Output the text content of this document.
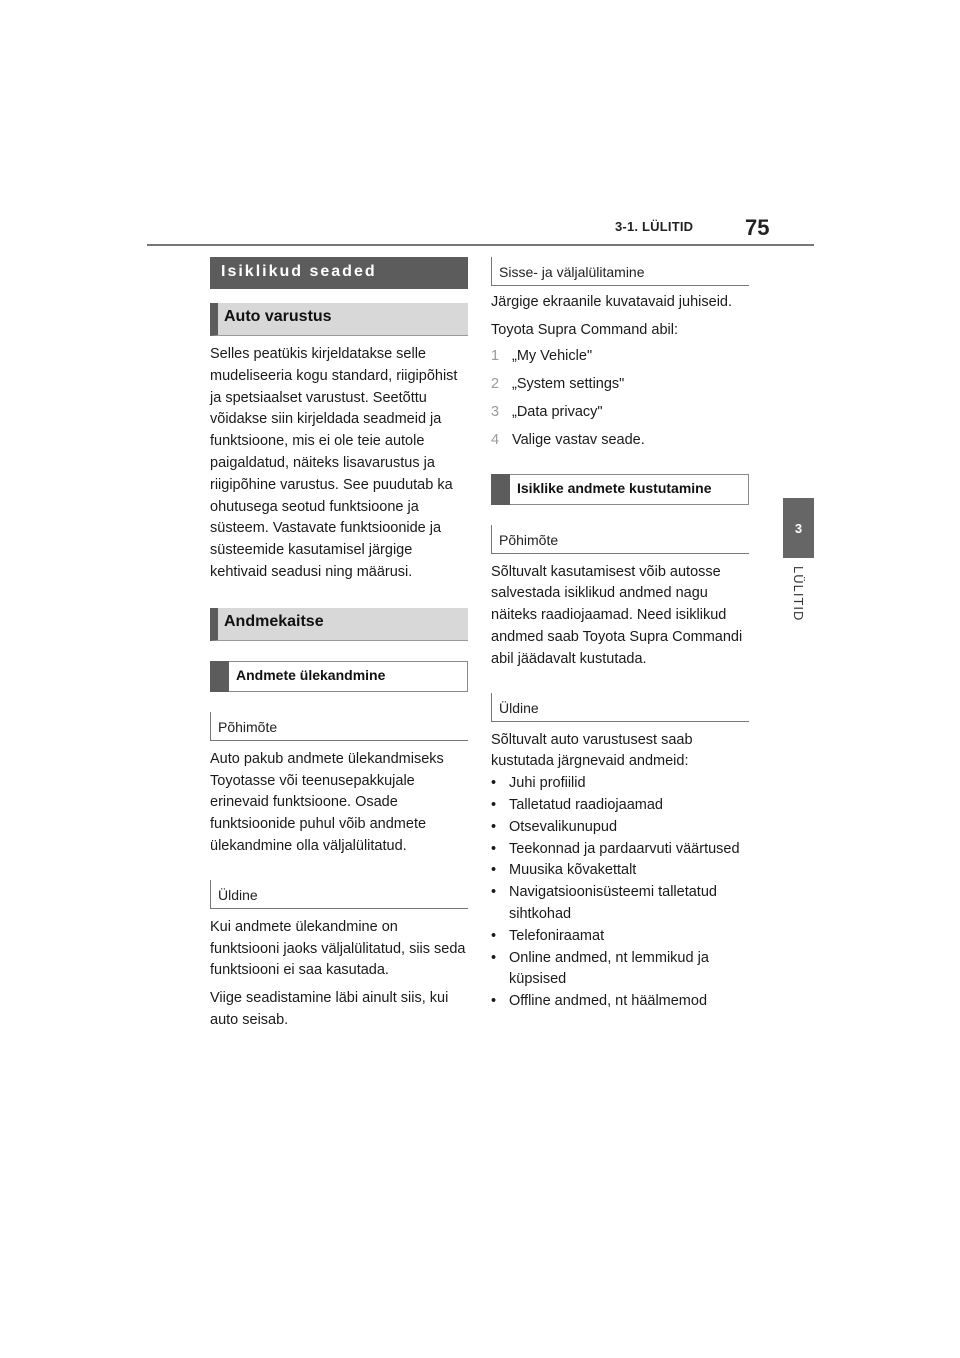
3-1. LÜLITID 75
3
LÜLITID
Isiklikud seaded
Auto varustus

Selles peatükis kirjeldatakse selle mudeliseeria kogu standard, riigipõhist ja spetsiaalset varustust. Seetõttu võidakse siin kirjeldada seadmeid ja funktsioone, mis ei ole teie autole paigaldatud, näiteks lisavarustus ja riigipõhine varustus. See puudutab ka ohutusega seotud funktsioone ja süsteem. Vastavate funktsioonide ja süsteemide kasutamisel järgige kehtivaid seadusi ning määrusi.

Andmekaitse
Andmete ülekandmine
Põhimõte

Auto pakub andmete ülekandmiseks Toyotasse või teenusepakkujale erinevaid funktsioone. Osade funktsioonide puhul võib andmete ülekandmine olla väljalülitatud.

Üldine

Kui andmete ülekandmine on funktsiooni jaoks väljalülitatud, siis seda funktsiooni ei saa kasutada.

Viige seadistamine läbi ainult siis, kui auto seisab.

Sisse- ja väljalülitamine

Järgige ekraanile kuvatavaid juhiseid.

Toyota Supra Command abil:

1 „My Vehicle"
2 „System settings"
3 „Data privacy"
4 Valige vastav seade.
Isiklike andmete kustutamine
Põhimõte

Sõltuvalt kasutamisest võib autosse salvestada isiklikud andmed nagu näiteks raadiojaamad. Need isiklikud andmed saab Toyota Supra Commandi abil jäädavalt kustutada.

Üldine

Sõltuvalt auto varustusest saab kustutada järgnevaid andmeid:

• Juhi profiilid
• Talletatud raadiojaamad
• Otsevalikunupud
• Teekonnad ja pardaarvuti väärtused
• Muusika kõvakettalt
• Navigatsioonisüsteemi talletatud sihtkohad
• Telefoniraamat
• Online andmed, nt lemmikud ja küpsised
• Offline andmed, nt häälmemod
